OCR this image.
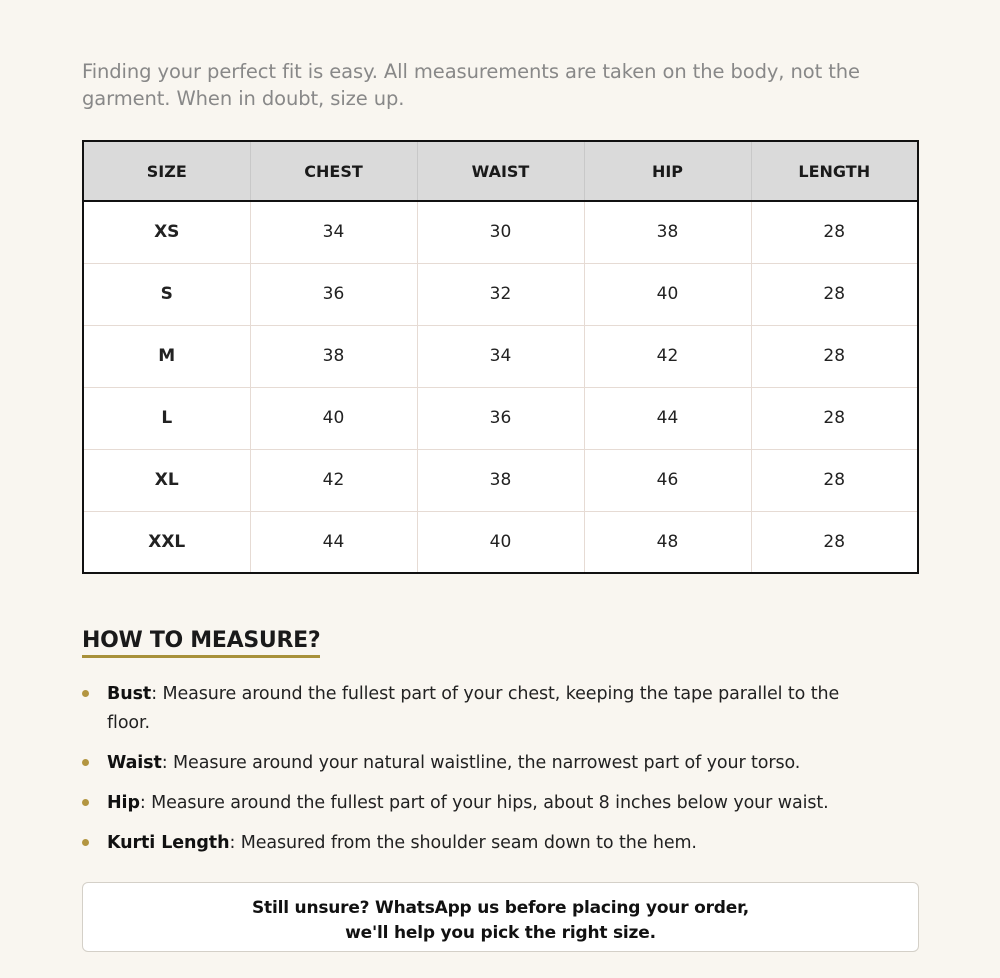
Finding your perfect fit is easy. All measurements are taken on the body, not the garment. When in doubt, size up.

SIZE	CHEST	WAIST	HIP	LENGTH
XS	34	30	38	28
S	36	32	40	28
M	38	34	42	28
L	40	36	44	28
XL	42	38	46	28
XXL	44	40	48	28
HOW TO MEASURE?
Bust: Measure around the fullest part of your chest, keeping the tape parallel to the floor.
Waist: Measure around your natural waistline, the narrowest part of your torso.
Hip: Measure around the fullest part of your hips, about 8 inches below your waist.
Kurti Length: Measured from the shoulder seam down to the hem.
Still unsure? WhatsApp us before placing your order,
we'll help you pick the right size.
